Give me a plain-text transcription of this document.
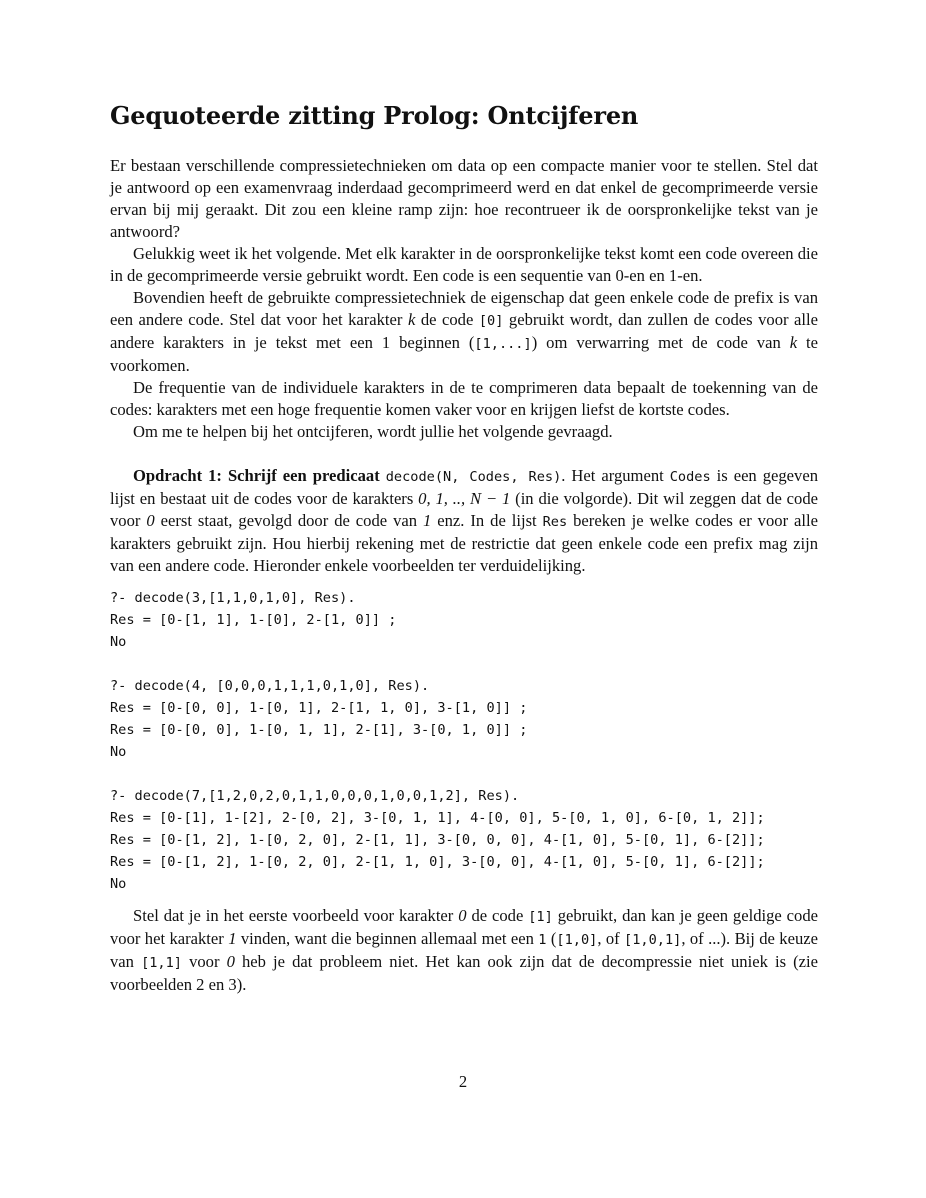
Gequoteerde zitting Prolog: Ontcijferen

Er bestaan verschillende compressietechnieken om data op een compacte manier voor te stellen. Stel dat je antwoord op een examenvraag inderdaad gecomprimeerd werd en dat enkel de gecomprimeerde versie ervan bij mij geraakt. Dit zou een kleine ramp zijn: hoe recontrueer ik de oorspronkelijke tekst van je antwoord?

Gelukkig weet ik het volgende. Met elk karakter in de oorspronkelijke tekst komt een code overeen die in de gecomprimeerde versie gebruikt wordt. Een code is een sequentie van 0-en en 1-en.

Bovendien heeft de gebruikte compressietechniek de eigenschap dat geen enkele code de prefix is van een andere code. Stel dat voor het karakter k de code [0] gebruikt wordt, dan zullen de codes voor alle andere karakters in je tekst met een 1 beginnen ([1,...]) om verwarring met de code van k te voorkomen.

De frequentie van de individuele karakters in de te comprimeren data bepaalt de toekenning van de codes: karakters met een hoge frequentie komen vaker voor en krijgen liefst de kortste codes.

Om me te helpen bij het ontcijferen, wordt jullie het volgende gevraagd.

Opdracht 1: Schrijf een predicaat decode(N, Codes, Res). Het argument Codes is een gegeven lijst en bestaat uit de codes voor de karakters 0, 1, .., N − 1 (in die volgorde). Dit wil zeggen dat de code voor 0 eerst staat, gevolgd door de code van 1 enz. In de lijst Res bereken je welke codes er voor alle karakters gebruikt zijn. Hou hierbij rekening met de restrictie dat geen enkele code een prefix mag zijn van een andere code. Hieronder enkele voorbeelden ter verduidelijking.

?- decode(3,[1,1,0,1,0], Res).
Res = [0-[1, 1], 1-[0], 2-[1, 0]] ;
No
?- decode(4, [0,0,0,1,1,1,0,1,0], Res).
Res = [0-[0, 0], 1-[0, 1], 2-[1, 1, 0], 3-[1, 0]] ;
Res = [0-[0, 0], 1-[0, 1, 1], 2-[1], 3-[0, 1, 0]] ;
No
?- decode(7,[1,2,0,2,0,1,1,0,0,0,1,0,0,1,2], Res).
Res = [0-[1], 1-[2], 2-[0, 2], 3-[0, 1, 1], 4-[0, 0], 5-[0, 1, 0], 6-[0, 1, 2]];
Res = [0-[1, 2], 1-[0, 2, 0], 2-[1, 1], 3-[0, 0, 0], 4-[1, 0], 5-[0, 1], 6-[2]];
Res = [0-[1, 2], 1-[0, 2, 0], 2-[1, 1, 0], 3-[0, 0], 4-[1, 0], 5-[0, 1], 6-[2]];
No

Stel dat je in het eerste voorbeeld voor karakter 0 de code [1] gebruikt, dan kan je geen geldige code voor het karakter 1 vinden, want die beginnen allemaal met een 1 ([1,0], of [1,0,1], of ...). Bij de keuze van [1,1] voor 0 heb je dat probleem niet. Het kan ook zijn dat de decompressie niet uniek is (zie voorbeelden 2 en 3).

2
